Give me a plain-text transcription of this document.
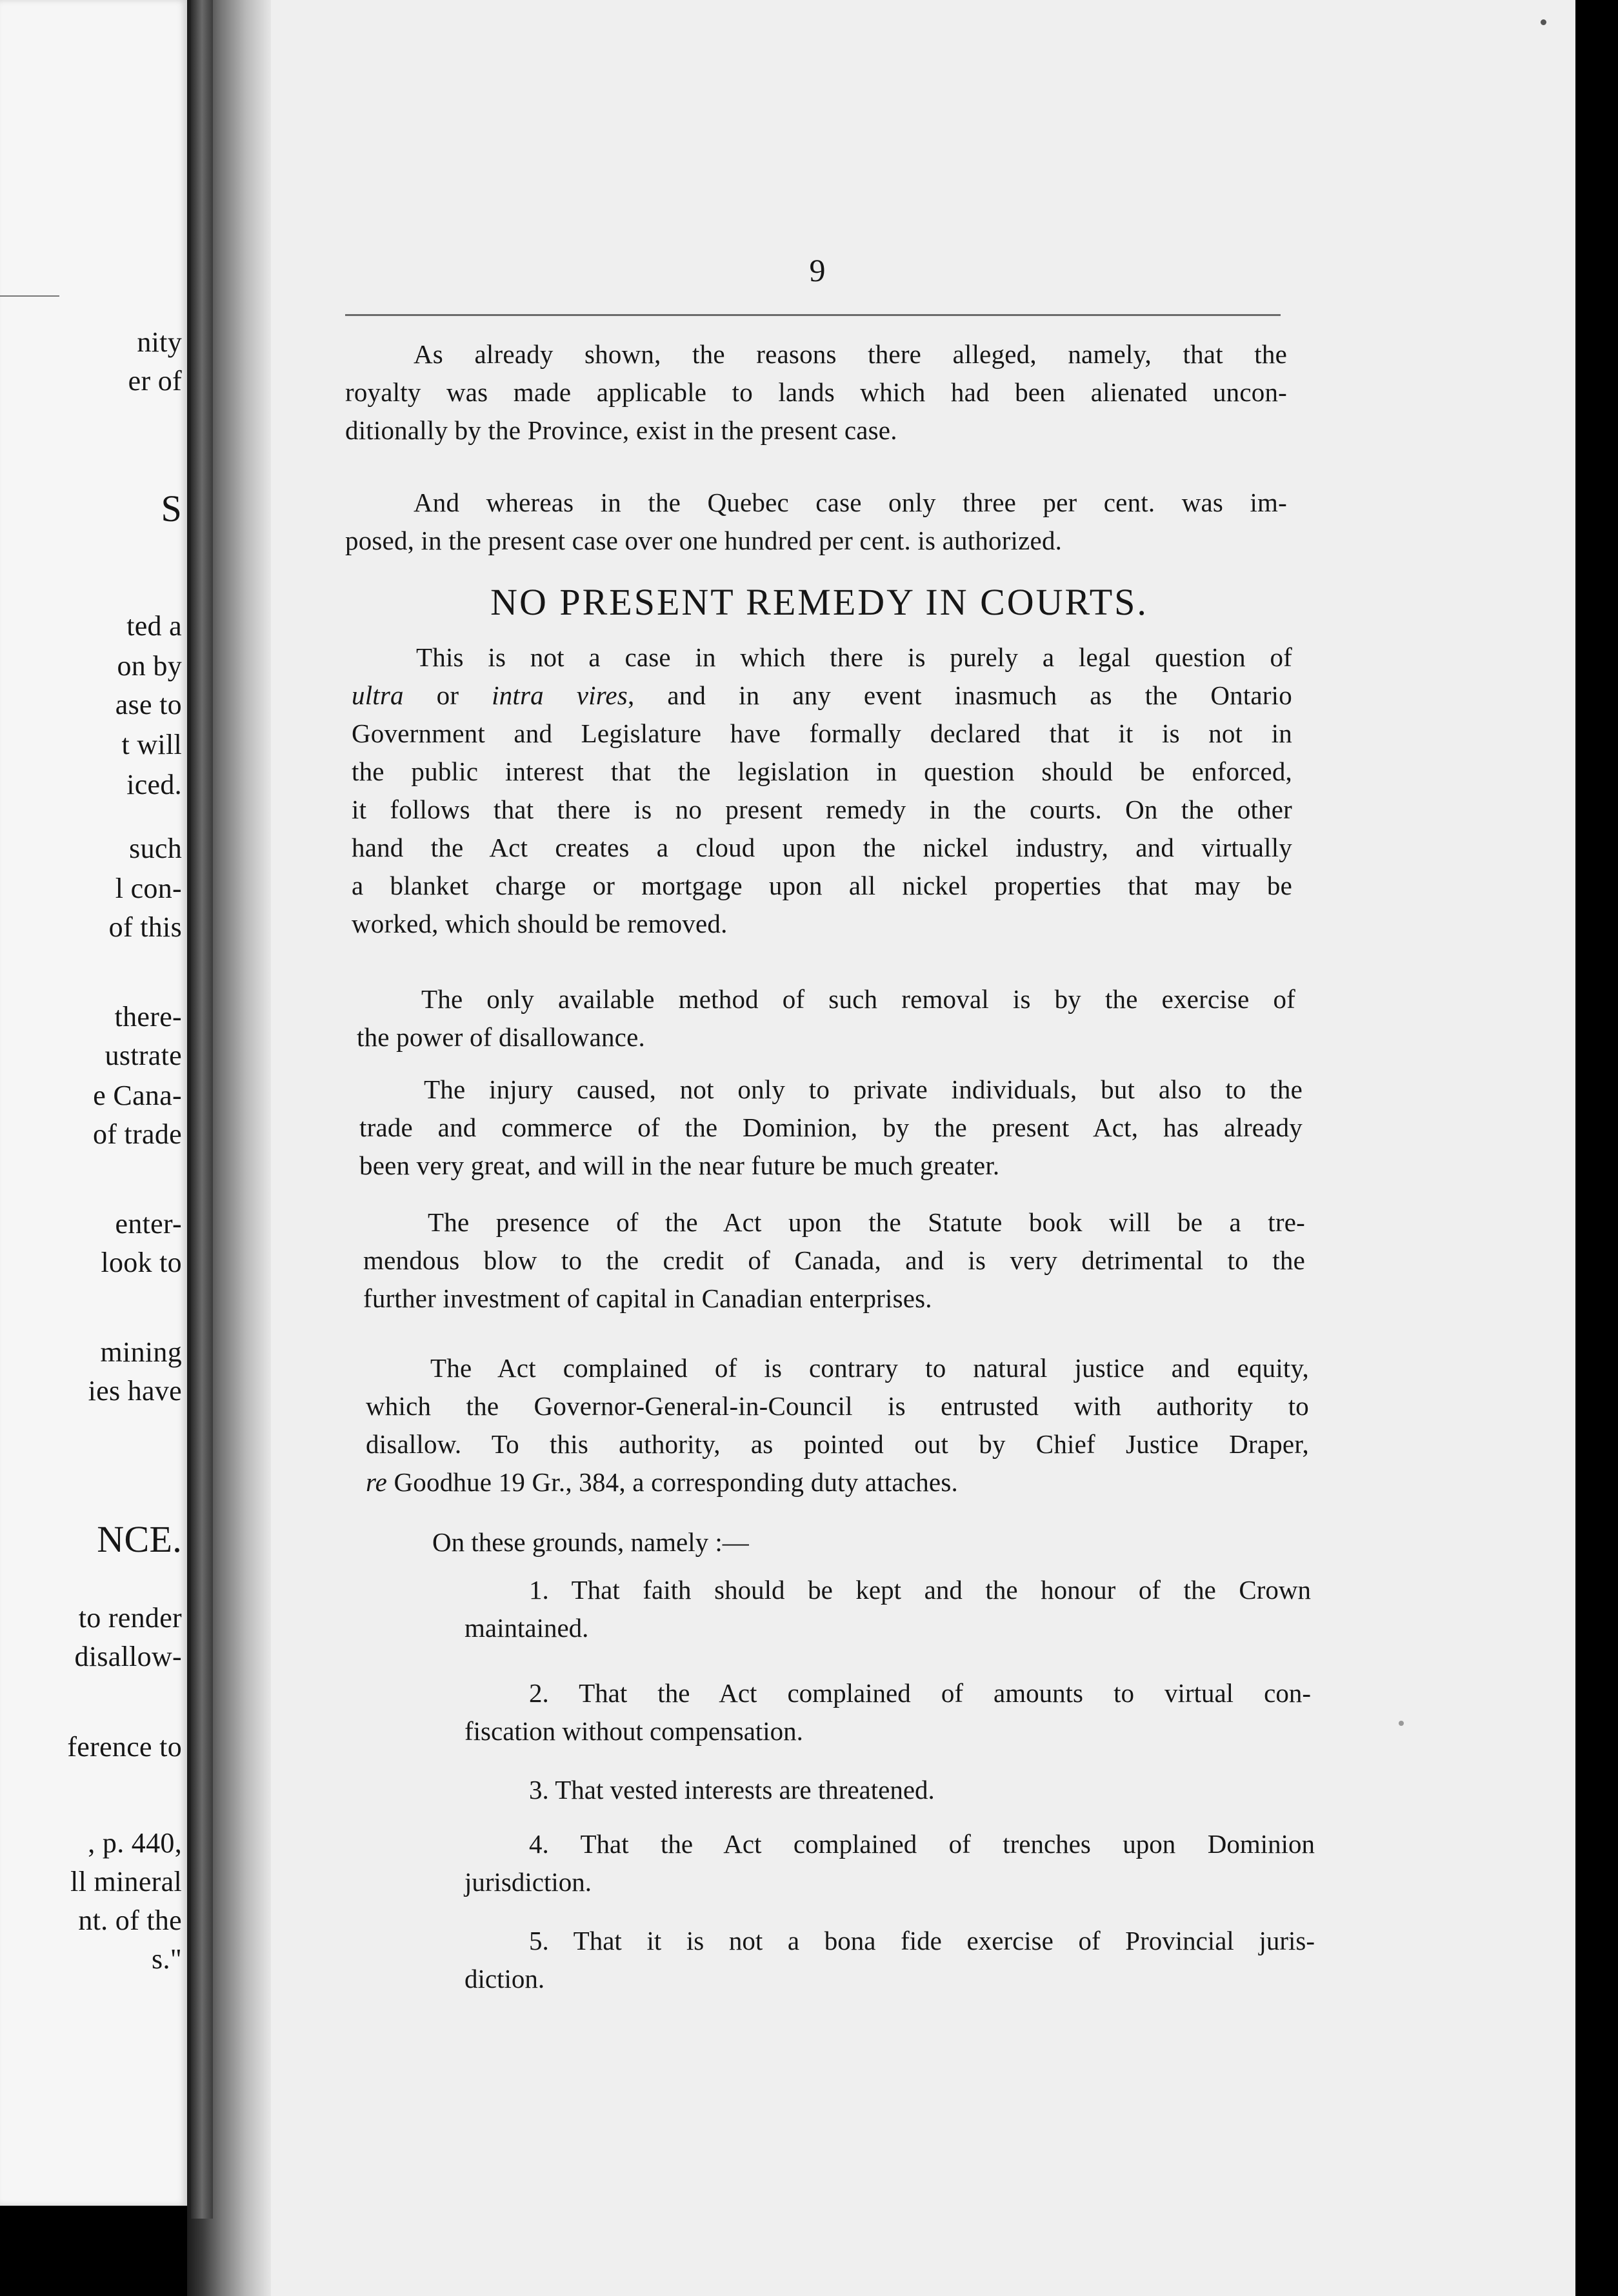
nity
er of
S
ted a
on by
ase to
t will
iced.
such
l con-
of this
there-
ustrate
e Cana-
of trade
enter-
look to
mining
ies have
NCE.
to render
disallow-
ference to
, p. 440,
ll mineral
nt. of the
s."
9
As already shown, the reasons there alleged, namely, that the
royalty was made applicable to lands which had been alienated uncon-
ditionally by the Province, exist in the present case.
And whereas in the Quebec case only three per cent. was im-
posed, in the present case over one hundred per cent. is authorized.
NO PRESENT REMEDY IN COURTS.
This is not a case in which there is purely a legal question of
ultra or intra vires, and in any event inasmuch as the Ontario
Government and Legislature have formally declared that it is not in
the public interest that the legislation in question should be enforced,
it follows that there is no present remedy in the courts. On the other
hand the Act creates a cloud upon the nickel industry, and virtually
a blanket charge or mortgage upon all nickel properties that may be
worked, which should be removed.
The only available method of such removal is by the exercise of
the power of disallowance.
The injury caused, not only to private individuals, but also to the
trade and commerce of the Dominion, by the present Act, has already
been very great, and will in the near future be much greater.
The presence of the Act upon the Statute book will be a tre-
mendous blow to the credit of Canada, and is very detrimental to the
further investment of capital in Canadian enterprises.
The Act complained of is contrary to natural justice and equity,
which the Governor-General-in-Council is entrusted with authority to
disallow. To this authority, as pointed out by Chief Justice Draper,
re Goodhue 19 Gr., 384, a corresponding duty attaches.
On these grounds, namely :—
1. That faith should be kept and the honour of the Crown
maintained.
2. That the Act complained of amounts to virtual con-
fiscation without compensation.
3. That vested interests are threatened.
4. That the Act complained of trenches upon Dominion
jurisdiction.
5. That it is not a bona fide exercise of Provincial juris-
diction.
